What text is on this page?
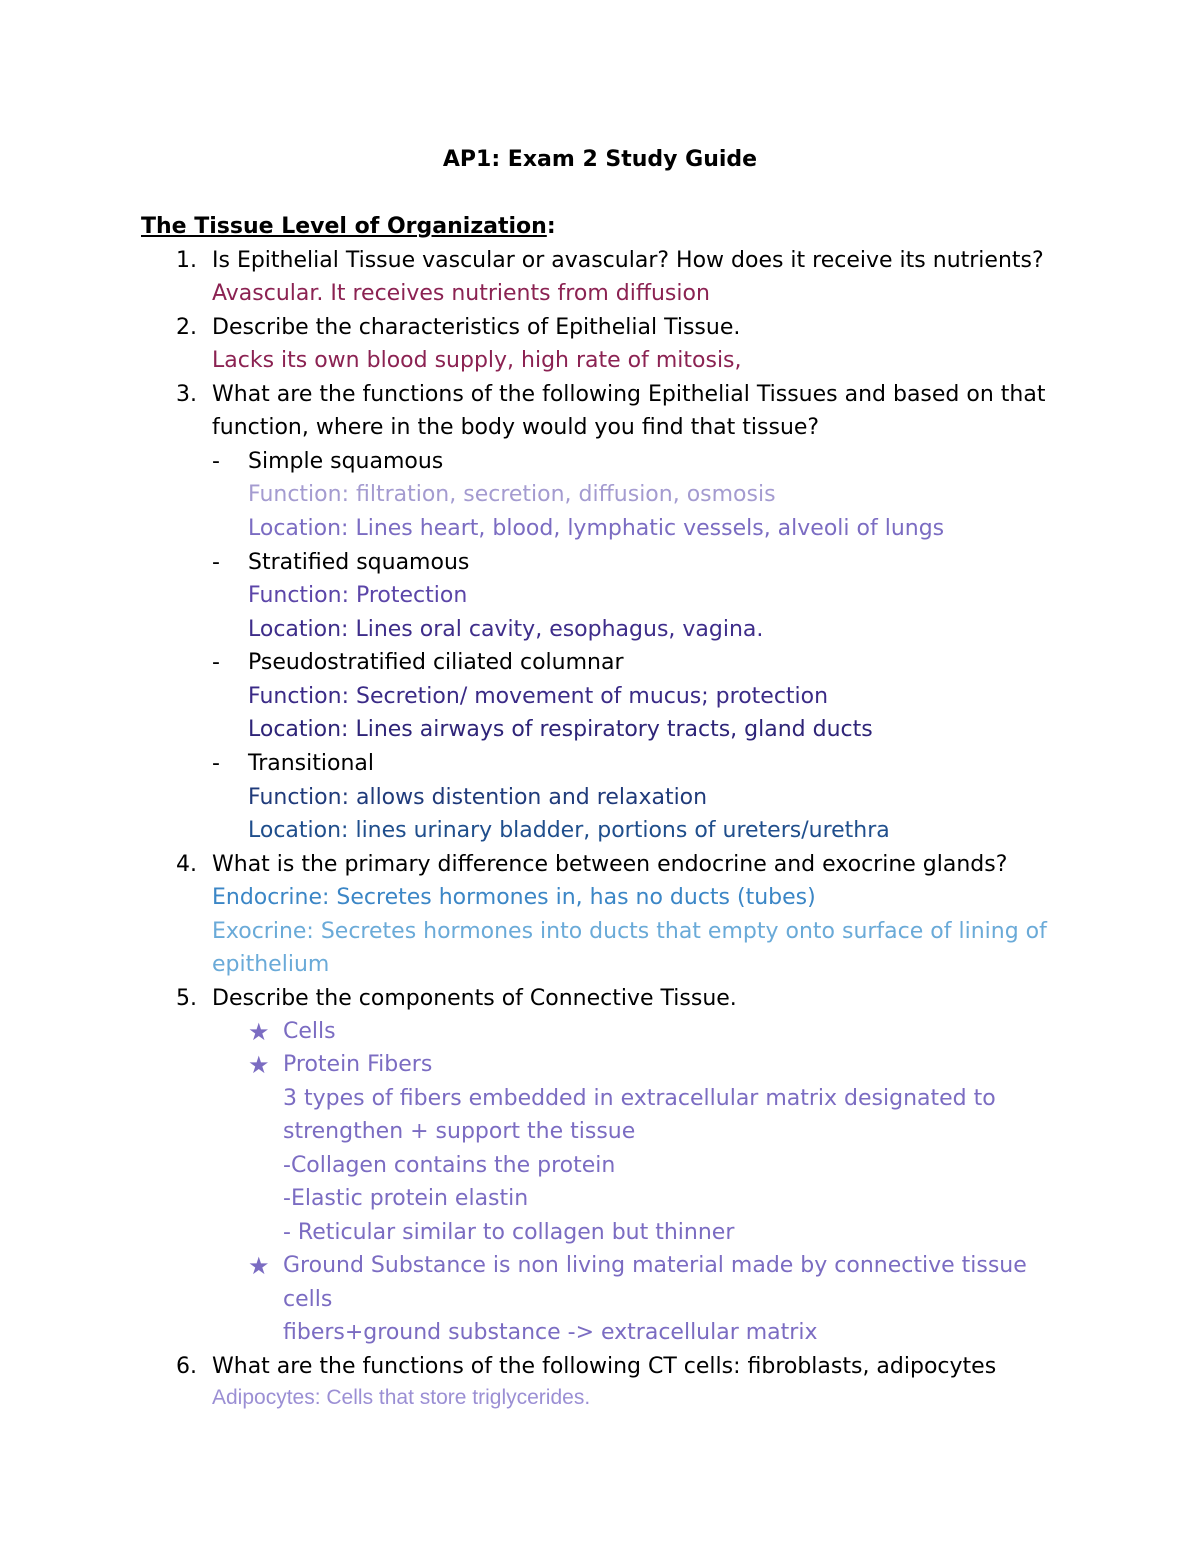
AP1: Exam 2 Study Guide
The Tissue Level of Organization:
1. Is Epithelial Tissue vascular or avascular? How does it receive its nutrients?
Avascular. It receives nutrients from diffusion
2. Describe the characteristics of Epithelial Tissue.
Lacks its own blood supply, high rate of mitosis,
3. What are the functions of the following Epithelial Tissues and based on that
function, where in the body would you find that tissue?
- Simple squamous
Function: filtration, secretion, diffusion, osmosis
Location: Lines heart, blood, lymphatic vessels, alveoli of lungs
- Stratified squamous
Function: Protection
Location: Lines oral cavity, esophagus, vagina.
- Pseudostratified ciliated columnar
Function: Secretion/ movement of mucus; protection
Location: Lines airways of respiratory tracts, gland ducts
- Transitional
Function: allows distention and relaxation
Location: lines urinary bladder, portions of ureters/urethra
4. What is the primary difference between endocrine and exocrine glands?
Endocrine: Secretes hormones in, has no ducts (tubes)
Exocrine: Secretes hormones into ducts that empty onto surface of lining of
epithelium
5. Describe the components of Connective Tissue.
★ Cells
★ Protein Fibers
3 types of fibers embedded in extracellular matrix designated to
strengthen + support the tissue
-Collagen contains the protein
-Elastic protein elastin
- Reticular similar to collagen but thinner
★ Ground Substance is non living material made by connective tissue
cells
fibers+ground substance -> extracellular matrix
6. What are the functions of the following CT cells: fibroblasts, adipocytes
Adipocytes: Cells that store triglycerides.
